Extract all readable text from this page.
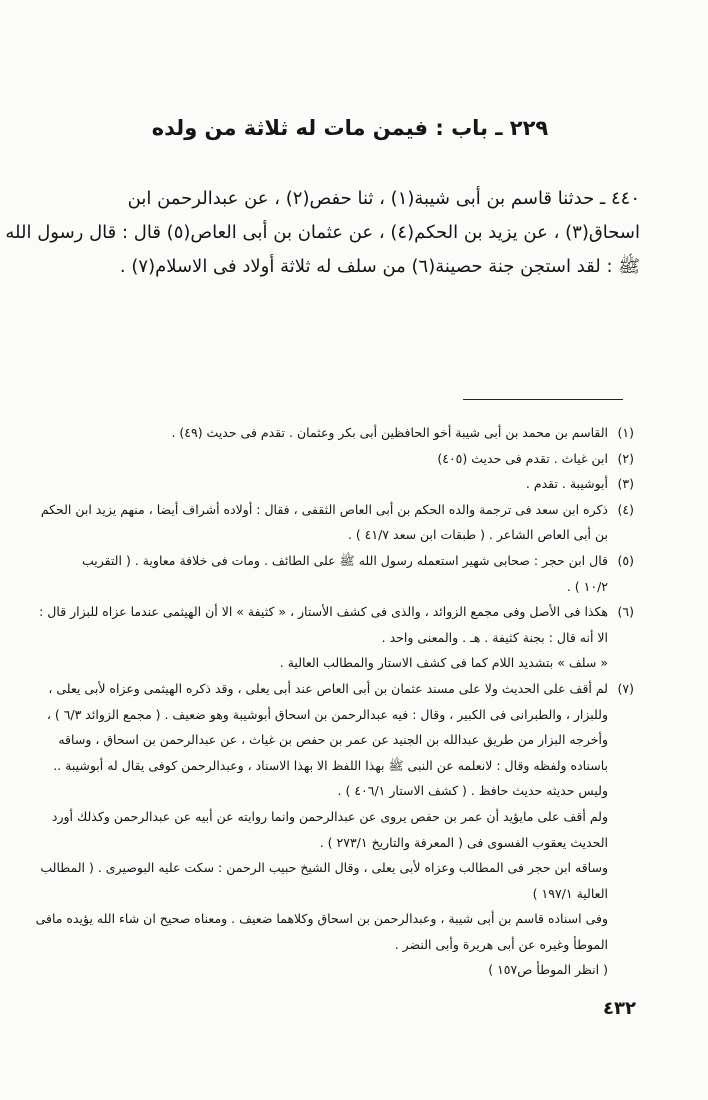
٢٢٩ ـ باب : فيمن مات له ثلاثة من ولده
٤٤٠ ـ حدثنا قاسم بن أبى شيبة(١) ، ثنا حفص(٢) ، عن عبدالرحمن ابن
اسحاق(٣) ، عن يزيد بن الحكم(٤) ، عن عثمان بن أبى العاص(٥) قال : قال رسول الله
ﷺ : لقد استجن جنة حصينة(٦) من سلف له ثلاثة أولاد فى الاسلام(٧) .
(١)
القاسم بن محمد بن أبى شيبة أخو الحافظين أبى بكر وعثمان . تقدم فى حديث (٤٩) .
(٢)
ابن غياث . تقدم فى حديث (٤٠٥)
(٣)
أبوشيبة . تقدم .
(٤)
ذكره ابن سعد فى ترجمة والده الحكم بن أبى العاص الثقفى ، فقال : أولاده أشراف أيضا ، منهم يزيد ابن الحكم
بن أبى العاص الشاعر . ( طبقات ابن سعد ٤١/٧ ) .
(٥)
قال ابن حجر : صحابى شهير استعمله رسول الله ﷺ على الطائف . ومات فى خلافة معاوية . ( التقريب
١٠/٢ ) .
(٦)
هكذا فى الأصل وفى مجمع الزوائد ، والذى فى كشف الأستار ، « كثيفة » الا أن الهيثمى عندما عزاه للبزار قال :
الا أنه قال : بجنة كثيفة . هـ . والمعنى واحد .
« سلف » بتشديد اللام كما فى كشف الاستار والمطالب العالية .
(٧)
لم أقف على الحديث ولا على مسند عثمان بن أبى العاص عند أبى يعلى ، وقد ذكره الهيثمى وعزاه لأبى يعلى ،
وللبزار ، والطبرانى فى الكبير ، وقال : فيه عبدالرحمن بن اسحاق أبوشيبة وهو ضعيف . ( مجمع الزوائد ٦/٣ ) ،
وأخرجه البزار من طريق عبدالله بن الجنيد عن عمر بن حفص بن غياث ، عن عبدالرحمن بن اسحاق ، وساقه
باسناده ولفظه وقال : لانعلمه عن النبى ﷺ بهذا اللفظ الا بهذا الاسناد ، وعبدالرحمن كوفى يقال له أبوشيبة ..
وليس حديثه حديث حافظ . ( كشف الاستار ٤٠٦/١ ) .
ولم أقف على مايؤيد أن عمر بن حفص يروى عن عبدالرحمن وانما روايته عن أبيه عن عبدالرحمن وكذلك أورد
الحديث يعقوب الفسوى فى ( المعرفة والتاريخ ٢٧٣/١ ) .
وساقه ابن حجر فى المطالب وعزاه لأبى يعلى ، وقال الشيخ حبيب الرحمن : سكت عليه البوصيرى . ( المطالب
العالية ١٩٧/١ )
وفى اسناده قاسم بن أبى شيبة ، وعبدالرحمن بن اسحاق وكلاهما ضعيف . ومعناه صحيح ان شاء الله يؤيده مافى
الموطأ وغيره عن أبى هريرة وأبى النضر .
( انظر الموطأ ص١٥٧ )
٤٣٢
